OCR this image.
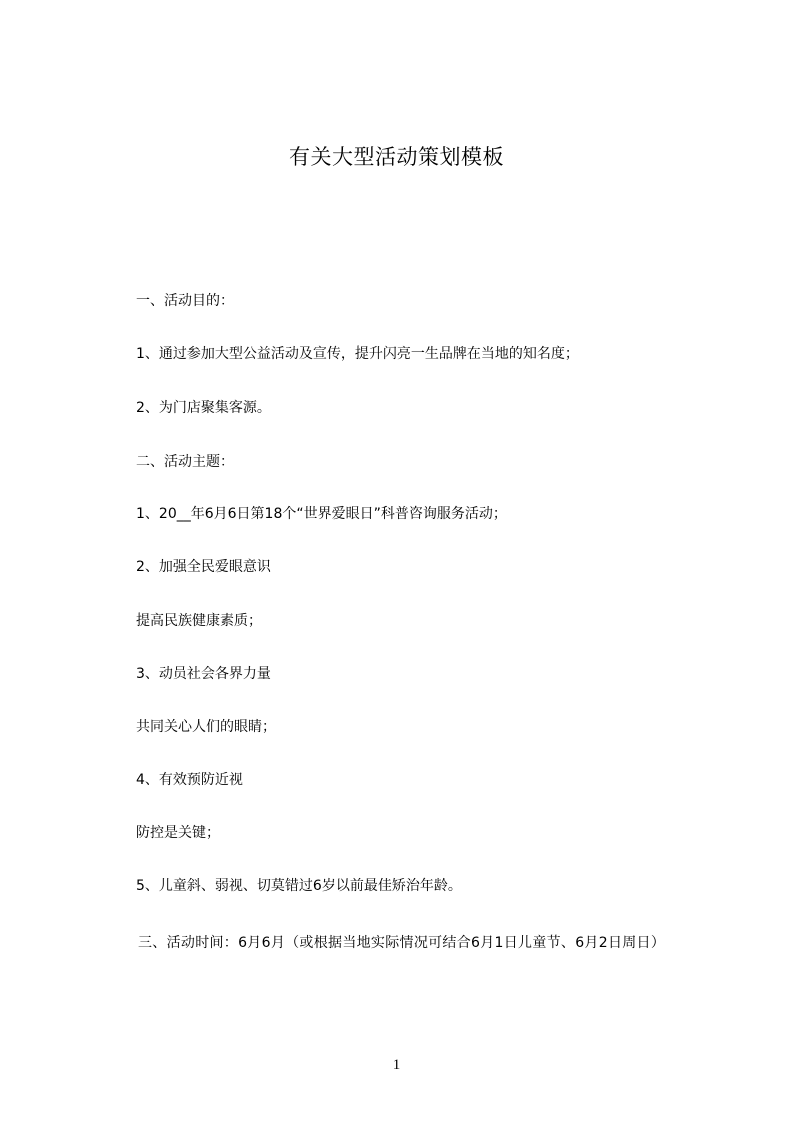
有关大型活动策划模板
一、活动目的：
1、通过参加大型公益活动及宣传，提升闪亮一生品牌在当地的知名度；
2、为门店聚集客源。
二、活动主题：
1、20__年6月6日第18个“世界爱眼日”科普咨询服务活动；
2、加强全民爱眼意识
提高民族健康素质；
3、动员社会各界力量
共同关心人们的眼睛；
4、有效预防近视
防控是关键；
5、儿童斜、弱视、切莫错过6岁以前最佳矫治年龄。
三、活动时间：6月6月（或根据当地实际情况可结合6月1日儿童节、6月2日周日）
1
